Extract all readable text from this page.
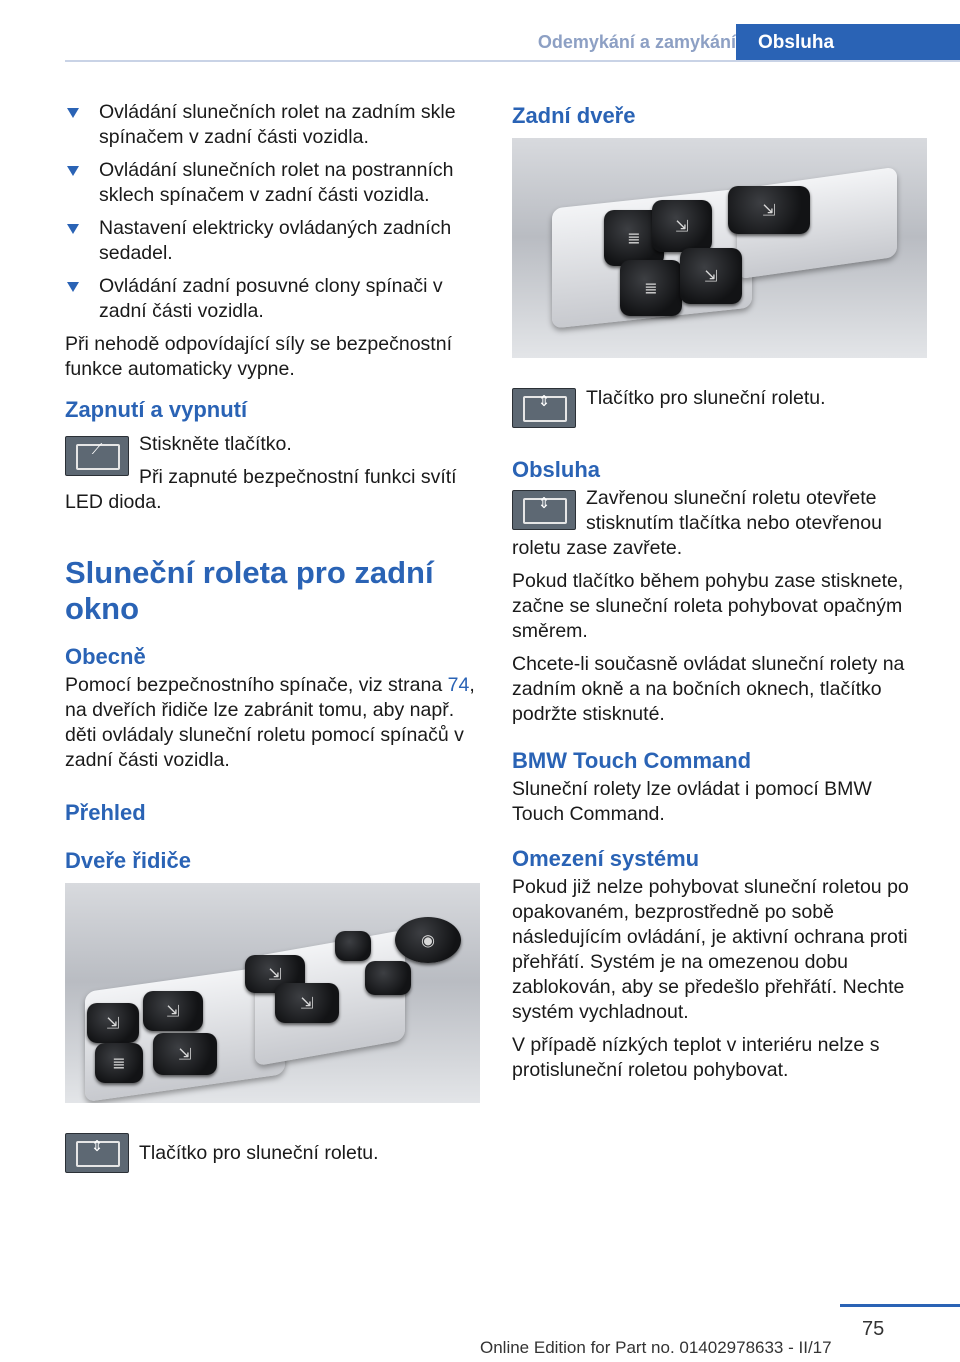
Odemykání a zamykání	Obsluha
Ovládání slunečních rolet na zadním skle spínačem v zadní části vozidla.
Ovládání slunečních rolet na postranních sklech spínačem v zadní části vozidla.
Nastavení elektricky ovládaných zadních sedadel.
Ovládání zadní posuvné clony spínači v zadní části vozidla.

Při nehodě odpovídající síly se bezpečnostní funkce automaticky vypne.

Zapnutí a vypnutí
⟋	Stiskněte tlačítko.

Při zapnuté bezpečnostní funkci svítí LED dioda.

Sluneční roleta pro zadní okno
Obecně

Pomocí bezpečnostního spínače, viz strana 74, na dveřích řidiče lze zabránit tomu, aby např. děti ovládaly sluneční roletu pomocí spínačů v zadní části vozidla.

Přehled
Dveře řidiče
⇲
⇲
≣	⇲
⇲
⇲
◉
⇕	Tlačítko pro sluneční roletu.

Zadní dveře
≣
⇲
≣
⇲
⇲
⇕	Tlačítko pro sluneční roletu.

Obsluha
⇕	Zavřenou sluneční roletu otevřete stisknutím tlačítka nebo otevřenou roletu zase zavřete.

Pokud tlačítko během pohybu zase stisknete, začne se sluneční roleta pohybovat opačným směrem.

Chcete-li současně ovládat sluneční rolety na zadním okně a na bočních oknech, tlačítko podržte stisknuté.

BMW Touch Command

Sluneční rolety lze ovládat i pomocí BMW Touch Command.

Omezení systému

Pokud již nelze pohybovat sluneční roletou po opakovaném, bezprostředně po sobě následujícím ovládání, je aktivní ochrana proti přehřátí. Systém je na omezenou dobu zablokován, aby se předešlo přehřátí. Nechte systém vychladnout.

V případě nízkých teplot v interiéru nelze s protisluneční roletou pohybovat.

75
Online Edition for Part no. 01402978633 - II/17
